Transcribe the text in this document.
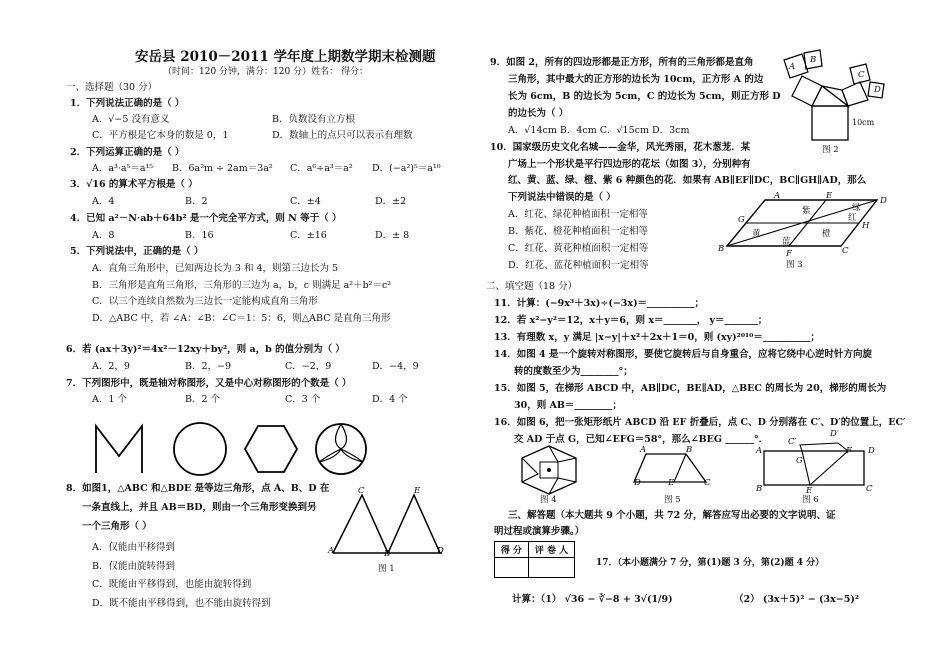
安岳县 2010－2011 学年度上期数学期末检测题
（时间：120 分钟，满分：120 分）姓名： 得分：
一、选择题（30 分）
1．下列说法正确的是（ ）
A．√−5 没有意义	B．负数没有立方根
C．平方根是它本身的数是 0，1	D．数轴上的点只可以表示有理数
2．下列运算正确的是（ ）
A．a³·a⁵＝a¹⁵ B．6a²m ÷ 2am＝3a² C．a⁶÷a³＝a² D．(−a²)⁵＝a¹⁰
3．√16 的算术平方根是（ ）
A．4	B．2	C．±4	D．±2
4．已知 a²－N·ab＋64b² 是一个完全平方式，则 N 等于（ ）
A．8	B．16	C．±16	D．± 8
5．下列说法中，正确的是（ ）
A．直角三角形中，已知两边长为 3 和 4，则第三边长为 5
B．三角形是直角三角形，三角形的三边为 a，b，c 则满足 a²＋b²＝c²
C．以三个连续自然数为三边长一定能构成直角三角形
D．△ABC 中，若 ∠A：∠B：∠C＝1：5：6，则△ABC 是直角三角形
6．若 (ax＋3y)²＝4x²－12xy＋by²，则 a，b 的值分别为（ ）
A．2，9	B．2，−9	C．−2，9	D．−4，9
7．下列图形中，既是轴对称图形，又是中心对称图形的个数是（ ）
A．1 个	B．2 个	C．3 个	D．4 个
8．如图1，△ABC 和△BDE 是等边三角形，点 A、B、D 在
一条直线上，并且 AB＝BD，则由一个三角形变换到另
一个三角形（ ）
A．仅能由平移得到
B．仅能由旋转得到
C．既能由平移得到，也能由旋转得到
D．既不能由平移得到，也不能由旋转得到
C	E
A	B	D
图 1
9．如图 2，所有的四边形都是正方形，所有的三角形都是直角
三角形，其中最大的正方形的边长为 10cm，正方形 A 的边
长为 6cm，B 的边长为 5cm，C 的边长为 5cm，则正方形 D
的边长为（ ）
A．√14cm B．4cm C．√15cm D．3cm
A
B
C
D
10cm
图 2
10．国家级历史文化名城——金华，风光秀丽，花木葱茏．某
广场上一个形状是平行四边形的花坛（如图 3），分别种有
红、黄、蓝、绿、橙、紫 6 种颜色的花．如果有 AB∥EF∥DC，BC∥GH∥AD，那么
下列说法中错误的是（ ）
A．红花、绿花种植面积一定相等
B．紫花、橙花种植面积一定相等
C．红花、黄花种植面积一定相等
D．红花、蓝花种植面积一定相等
A	E	D
G
H
B	F	C
紫	绿
红
黄
蓝
橙
图 3
二、填空题（18 分）
11．计算：(−9x³＋3x)÷(−3x)＝__________；
12．若 x²−y²＝12，x＋y＝6，则 x＝_______， y＝_______；
13．有理数 x，y 满足 |x−y|＋x²＋2x＋1＝0，则 (xy)²⁰¹⁰＝__________；
14．如图 4 是一个旋转对称图形，要使它旋转后与自身重合，应将它绕中心逆时针方向旋
转的度数至少为________°；
15．如图 5，在梯形 ABCD 中，AB∥DC，BE∥AD，△BEC 的周长为 20，梯形的周长为
30，则 AB＝________；
16．如图 6，把一张矩形纸片 ABCD 沿 EF 折叠后，点 C、D 分别落在 C′、D′的位置上，EC′
交 AD 于点 G，已知∠EFG＝58°，那么∠BEG ______°．
图 4
A	B
D	E	C
图 5
C′
D′
A
G
F D
B	E	C
图 6
三、解答题（本大题共 9 个小题，共 72 分，解答应写出必要的文字说明、证
明过程或演算步骤。）
得 分	评 卷 人

17．（本小题满分 7 分，第(1)题 3 分，第(2)题 4 分）
计算：（1） √36 − ∛−8 + 3√(1/9)	（2） (3x＋5)² − (3x−5)²
